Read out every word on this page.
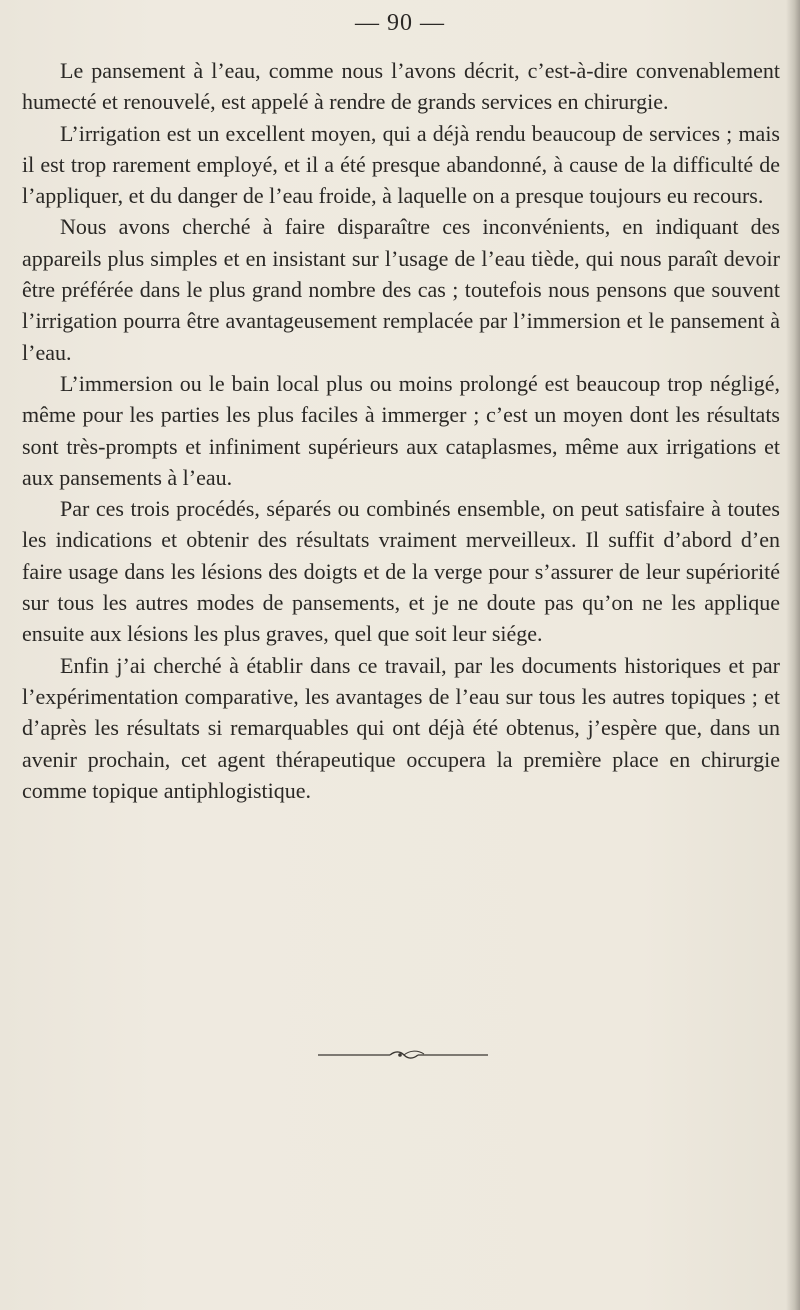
— 90 —

Le pansement à l’eau, comme nous l’avons décrit, c’est-à-dire convenablement humecté et renouvelé, est appelé à rendre de grands services en chirurgie.

L’irrigation est un excellent moyen, qui a déjà rendu beaucoup de services ; mais il est trop rarement employé, et il a été presque abandonné, à cause de la difficulté de l’appliquer, et du danger de l’eau froide, à laquelle on a presque toujours eu recours.

Nous avons cherché à faire disparaître ces inconvénients, en indiquant des appareils plus simples et en insistant sur l’usage de l’eau tiède, qui nous paraît devoir être préférée dans le plus grand nombre des cas ; toutefois nous pensons que souvent l’irrigation pourra être avantageusement remplacée par l’immersion et le pansement à l’eau.

L’immersion ou le bain local plus ou moins prolongé est beaucoup trop négligé, même pour les parties les plus faciles à immerger ; c’est un moyen dont les résultats sont très-prompts et infiniment supérieurs aux cataplasmes, même aux irrigations et aux pansements à l’eau.

Par ces trois procédés, séparés ou combinés ensemble, on peut satisfaire à toutes les indications et obtenir des résultats vraiment merveilleux. Il suffit d’abord d’en faire usage dans les lésions des doigts et de la verge pour s’assurer de leur supériorité sur tous les autres modes de pansements, et je ne doute pas qu’on ne les applique ensuite aux lésions les plus graves, quel que soit leur siége.

Enfin j’ai cherché à établir dans ce travail, par les documents historiques et par l’expérimentation comparative, les avantages de l’eau sur tous les autres topiques ; et d’après les résultats si remarquables qui ont déjà été obtenus, j’espère que, dans un avenir prochain, cet agent thérapeutique occupera la première place en chirurgie comme topique antiphlogistique.
